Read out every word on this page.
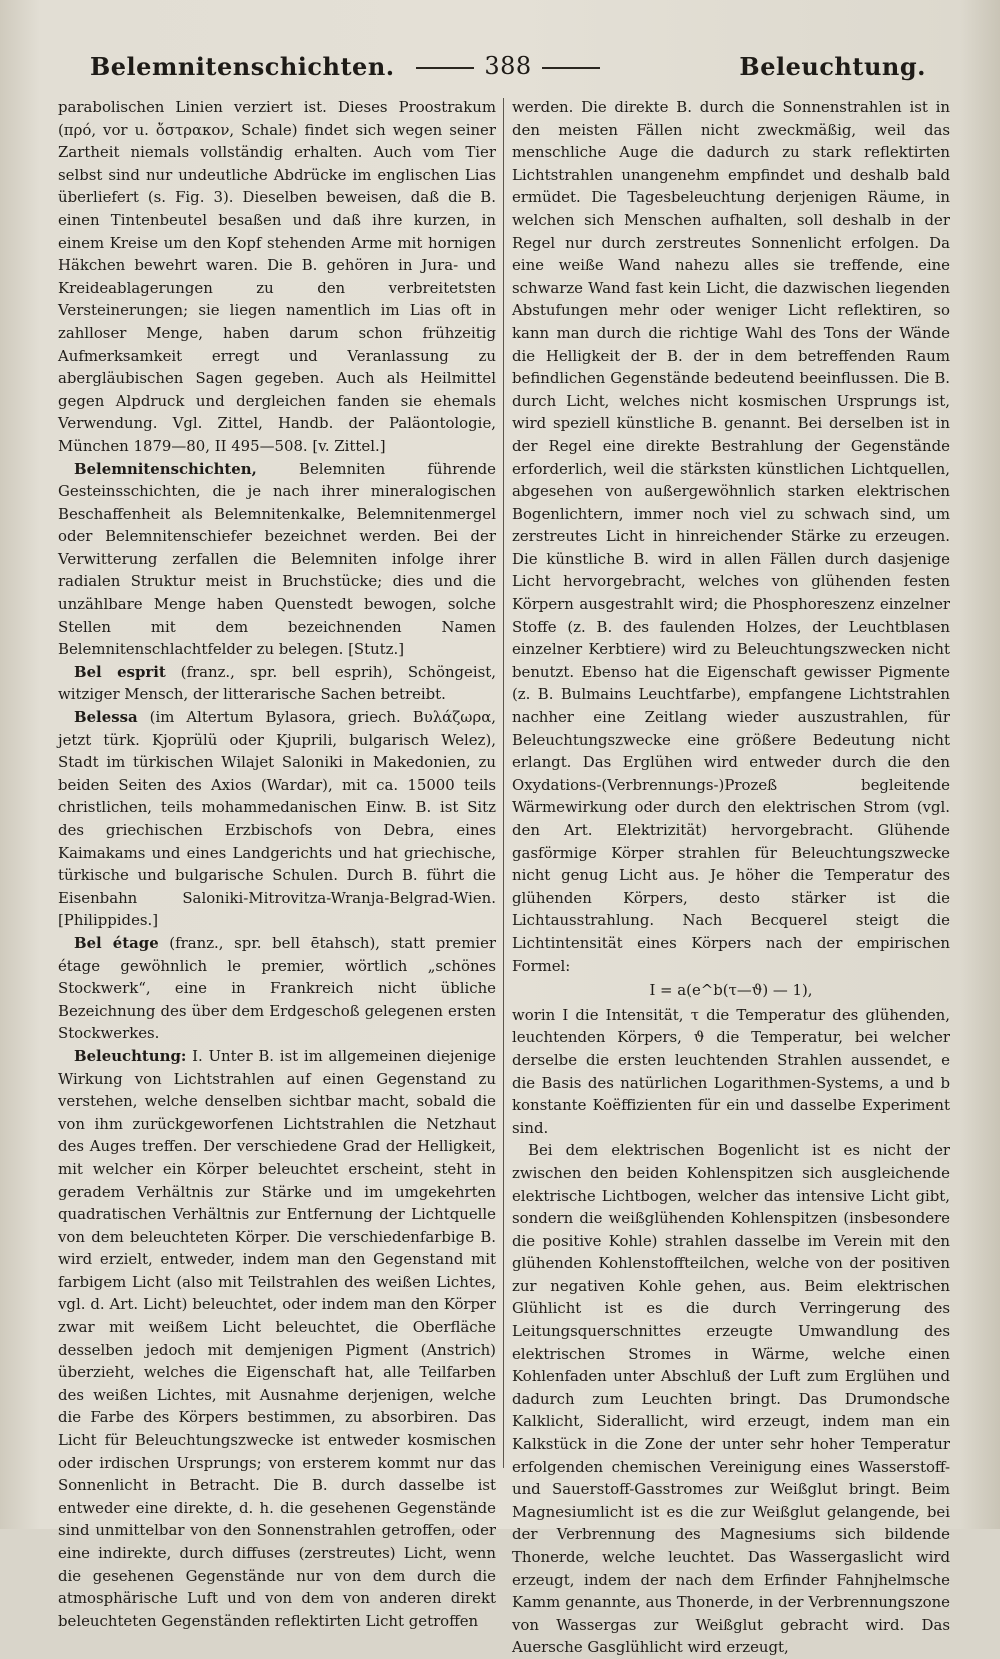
Belemnitenschichten.	388	Beleuchtung.

parabolischen Linien verziert ist. Dieses Proostrakum (πρό, vor u. ὄστρακον, Schale) findet sich wegen seiner Zartheit niemals vollständig erhalten. Auch vom Tier selbst sind nur undeutliche Abdrücke im englischen Lias überliefert (s. Fig. 3). Dieselben beweisen, daß die B. einen Tintenbeutel besaßen und daß ihre kurzen, in einem Kreise um den Kopf stehenden Arme mit hornigen Häkchen bewehrt waren. Die B. gehören in Jura- und Kreideablagerungen zu den verbreitetsten Versteinerungen; sie liegen namentlich im Lias oft in zahlloser Menge, haben darum schon frühzeitig Aufmerksamkeit erregt und Veranlassung zu abergläubischen Sagen gegeben. Auch als Heilmittel gegen Alpdruck und dergleichen fanden sie ehemals Verwendung. Vgl. Zittel, Handb. der Paläontologie, München 1879—80, II 495—508. [v. Zittel.]

Belemnitenschichten, Belemniten führende Gesteinsschichten, die je nach ihrer mineralogischen Beschaffenheit als Belemnitenkalke, Belemnitenmergel oder Belemnitenschiefer bezeichnet werden. Bei der Verwitterung zerfallen die Belemniten infolge ihrer radialen Struktur meist in Bruchstücke; dies und die unzählbare Menge haben Quenstedt bewogen, solche Stellen mit dem bezeichnenden Namen Belemnitenschlachtfelder zu belegen. [Stutz.]

Bel esprit (franz., spr. bell esprih), Schöngeist, witziger Mensch, der litterarische Sachen betreibt.

Belessa (im Altertum Bylasora, griech. Βυλάζωρα, jetzt türk. Kjoprülü oder Kjuprili, bulgarisch Welez), Stadt im türkischen Wilajet Saloniki in Makedonien, zu beiden Seiten des Axios (Wardar), mit ca. 15000 teils christlichen, teils mohammedanischen Einw. B. ist Sitz des griechischen Erzbischofs von Debra, eines Kaimakams und eines Landgerichts und hat griechische, türkische und bulgarische Schulen. Durch B. führt die Eisenbahn Saloniki-Mitrovitza-Wranja-Belgrad-Wien. [Philippides.]

Bel étage (franz., spr. bell ētahsch), statt premier étage gewöhnlich le premier, wörtlich „schönes Stockwerk“, eine in Frankreich nicht übliche Bezeichnung des über dem Erdgeschoß gelegenen ersten Stockwerkes.

Beleuchtung: I. Unter B. ist im allgemeinen diejenige Wirkung von Lichtstrahlen auf einen Gegenstand zu verstehen, welche denselben sichtbar macht, sobald die von ihm zurückgeworfenen Lichtstrahlen die Netzhaut des Auges treffen. Der verschiedene Grad der Helligkeit, mit welcher ein Körper beleuchtet erscheint, steht in geradem Verhältnis zur Stärke und im umgekehrten quadratischen Verhältnis zur Entfernung der Lichtquelle von dem beleuchteten Körper. Die verschiedenfarbige B. wird erzielt, entweder, indem man den Gegenstand mit farbigem Licht (also mit Teilstrahlen des weißen Lichtes, vgl. d. Art. Licht) beleuchtet, oder indem man den Körper zwar mit weißem Licht beleuchtet, die Oberfläche desselben jedoch mit demjenigen Pigment (Anstrich) überzieht, welches die Eigenschaft hat, alle Teilfarben des weißen Lichtes, mit Ausnahme derjenigen, welche die Farbe des Körpers bestimmen, zu absorbiren. Das Licht für Beleuchtungszwecke ist entweder kosmischen oder irdischen Ursprungs; von ersterem kommt nur das Sonnenlicht in Betracht. Die B. durch dasselbe ist entweder eine direkte, d. h. die gesehenen Gegenstände sind unmittelbar von den Sonnenstrahlen getroffen, oder eine indirekte, durch diffuses (zerstreutes) Licht, wenn die gesehenen Gegenstände nur von dem durch die atmosphärische Luft und von dem von anderen direkt beleuchteten Gegenständen reflektirten Licht getroffen

werden. Die direkte B. durch die Sonnenstrahlen ist in den meisten Fällen nicht zweckmäßig, weil das menschliche Auge die dadurch zu stark reflektirten Lichtstrahlen unangenehm empfindet und deshalb bald ermüdet. Die Tagesbeleuchtung derjenigen Räume, in welchen sich Menschen aufhalten, soll deshalb in der Regel nur durch zerstreutes Sonnenlicht erfolgen. Da eine weiße Wand nahezu alles sie treffende, eine schwarze Wand fast kein Licht, die dazwischen liegenden Abstufungen mehr oder weniger Licht reflektiren, so kann man durch die richtige Wahl des Tons der Wände die Helligkeit der B. der in dem betreffenden Raum befindlichen Gegenstände bedeutend beeinflussen. Die B. durch Licht, welches nicht kosmischen Ursprungs ist, wird speziell künstliche B. genannt. Bei derselben ist in der Regel eine direkte Bestrahlung der Gegenstände erforderlich, weil die stärksten künstlichen Lichtquellen, abgesehen von außergewöhnlich starken elektrischen Bogenlichtern, immer noch viel zu schwach sind, um zerstreutes Licht in hinreichender Stärke zu erzeugen. Die künstliche B. wird in allen Fällen durch dasjenige Licht hervorgebracht, welches von glühenden festen Körpern ausgestrahlt wird; die Phosphoreszenz einzelner Stoffe (z. B. des faulenden Holzes, der Leuchtblasen einzelner Kerbtiere) wird zu Beleuchtungszwecken nicht benutzt. Ebenso hat die Eigenschaft gewisser Pigmente (z. B. Bulmains Leuchtfarbe), empfangene Lichtstrahlen nachher eine Zeitlang wieder auszustrahlen, für Beleuchtungszwecke eine größere Bedeutung nicht erlangt. Das Erglühen wird entweder durch die den Oxydations-(Verbrennungs-)Prozeß begleitende Wärmewirkung oder durch den elektrischen Strom (vgl. den Art. Elektrizität) hervorgebracht. Glühende gasförmige Körper strahlen für Beleuchtungszwecke nicht genug Licht aus. Je höher die Temperatur des glühenden Körpers, desto stärker ist die Lichtausstrahlung. Nach Becquerel steigt die Lichtintensität eines Körpers nach der empirischen Formel:

I = a(e^b(τ—ϑ) — 1),

worin I die Intensität, τ die Temperatur des glühenden, leuchtenden Körpers, ϑ die Temperatur, bei welcher derselbe die ersten leuchtenden Strahlen aussendet, e die Basis des natürlichen Logarithmen-Systems, a und b konstante Koëffizienten für ein und dasselbe Experiment sind.

Bei dem elektrischen Bogenlicht ist es nicht der zwischen den beiden Kohlenspitzen sich ausgleichende elektrische Lichtbogen, welcher das intensive Licht gibt, sondern die weißglühenden Kohlenspitzen (insbesondere die positive Kohle) strahlen dasselbe im Verein mit den glühenden Kohlenstoffteilchen, welche von der positiven zur negativen Kohle gehen, aus. Beim elektrischen Glühlicht ist es die durch Verringerung des Leitungsquerschnittes erzeugte Umwandlung des elektrischen Stromes in Wärme, welche einen Kohlenfaden unter Abschluß der Luft zum Erglühen und dadurch zum Leuchten bringt. Das Drumondsche Kalklicht, Siderallicht, wird erzeugt, indem man ein Kalkstück in die Zone der unter sehr hoher Temperatur erfolgenden chemischen Vereinigung eines Wasserstoff- und Sauerstoff-Gasstromes zur Weißglut bringt. Beim Magnesiumlicht ist es die zur Weißglut gelangende, bei der Verbrennung des Magnesiums sich bildende Thonerde, welche leuchtet. Das Wassergaslicht wird erzeugt, indem der nach dem Erfinder Fahnjhelmsche Kamm genannte, aus Thonerde, in der Verbrennungszone von Wassergas zur Weißglut gebracht wird. Das Auersche Gasglühlicht wird erzeugt,
